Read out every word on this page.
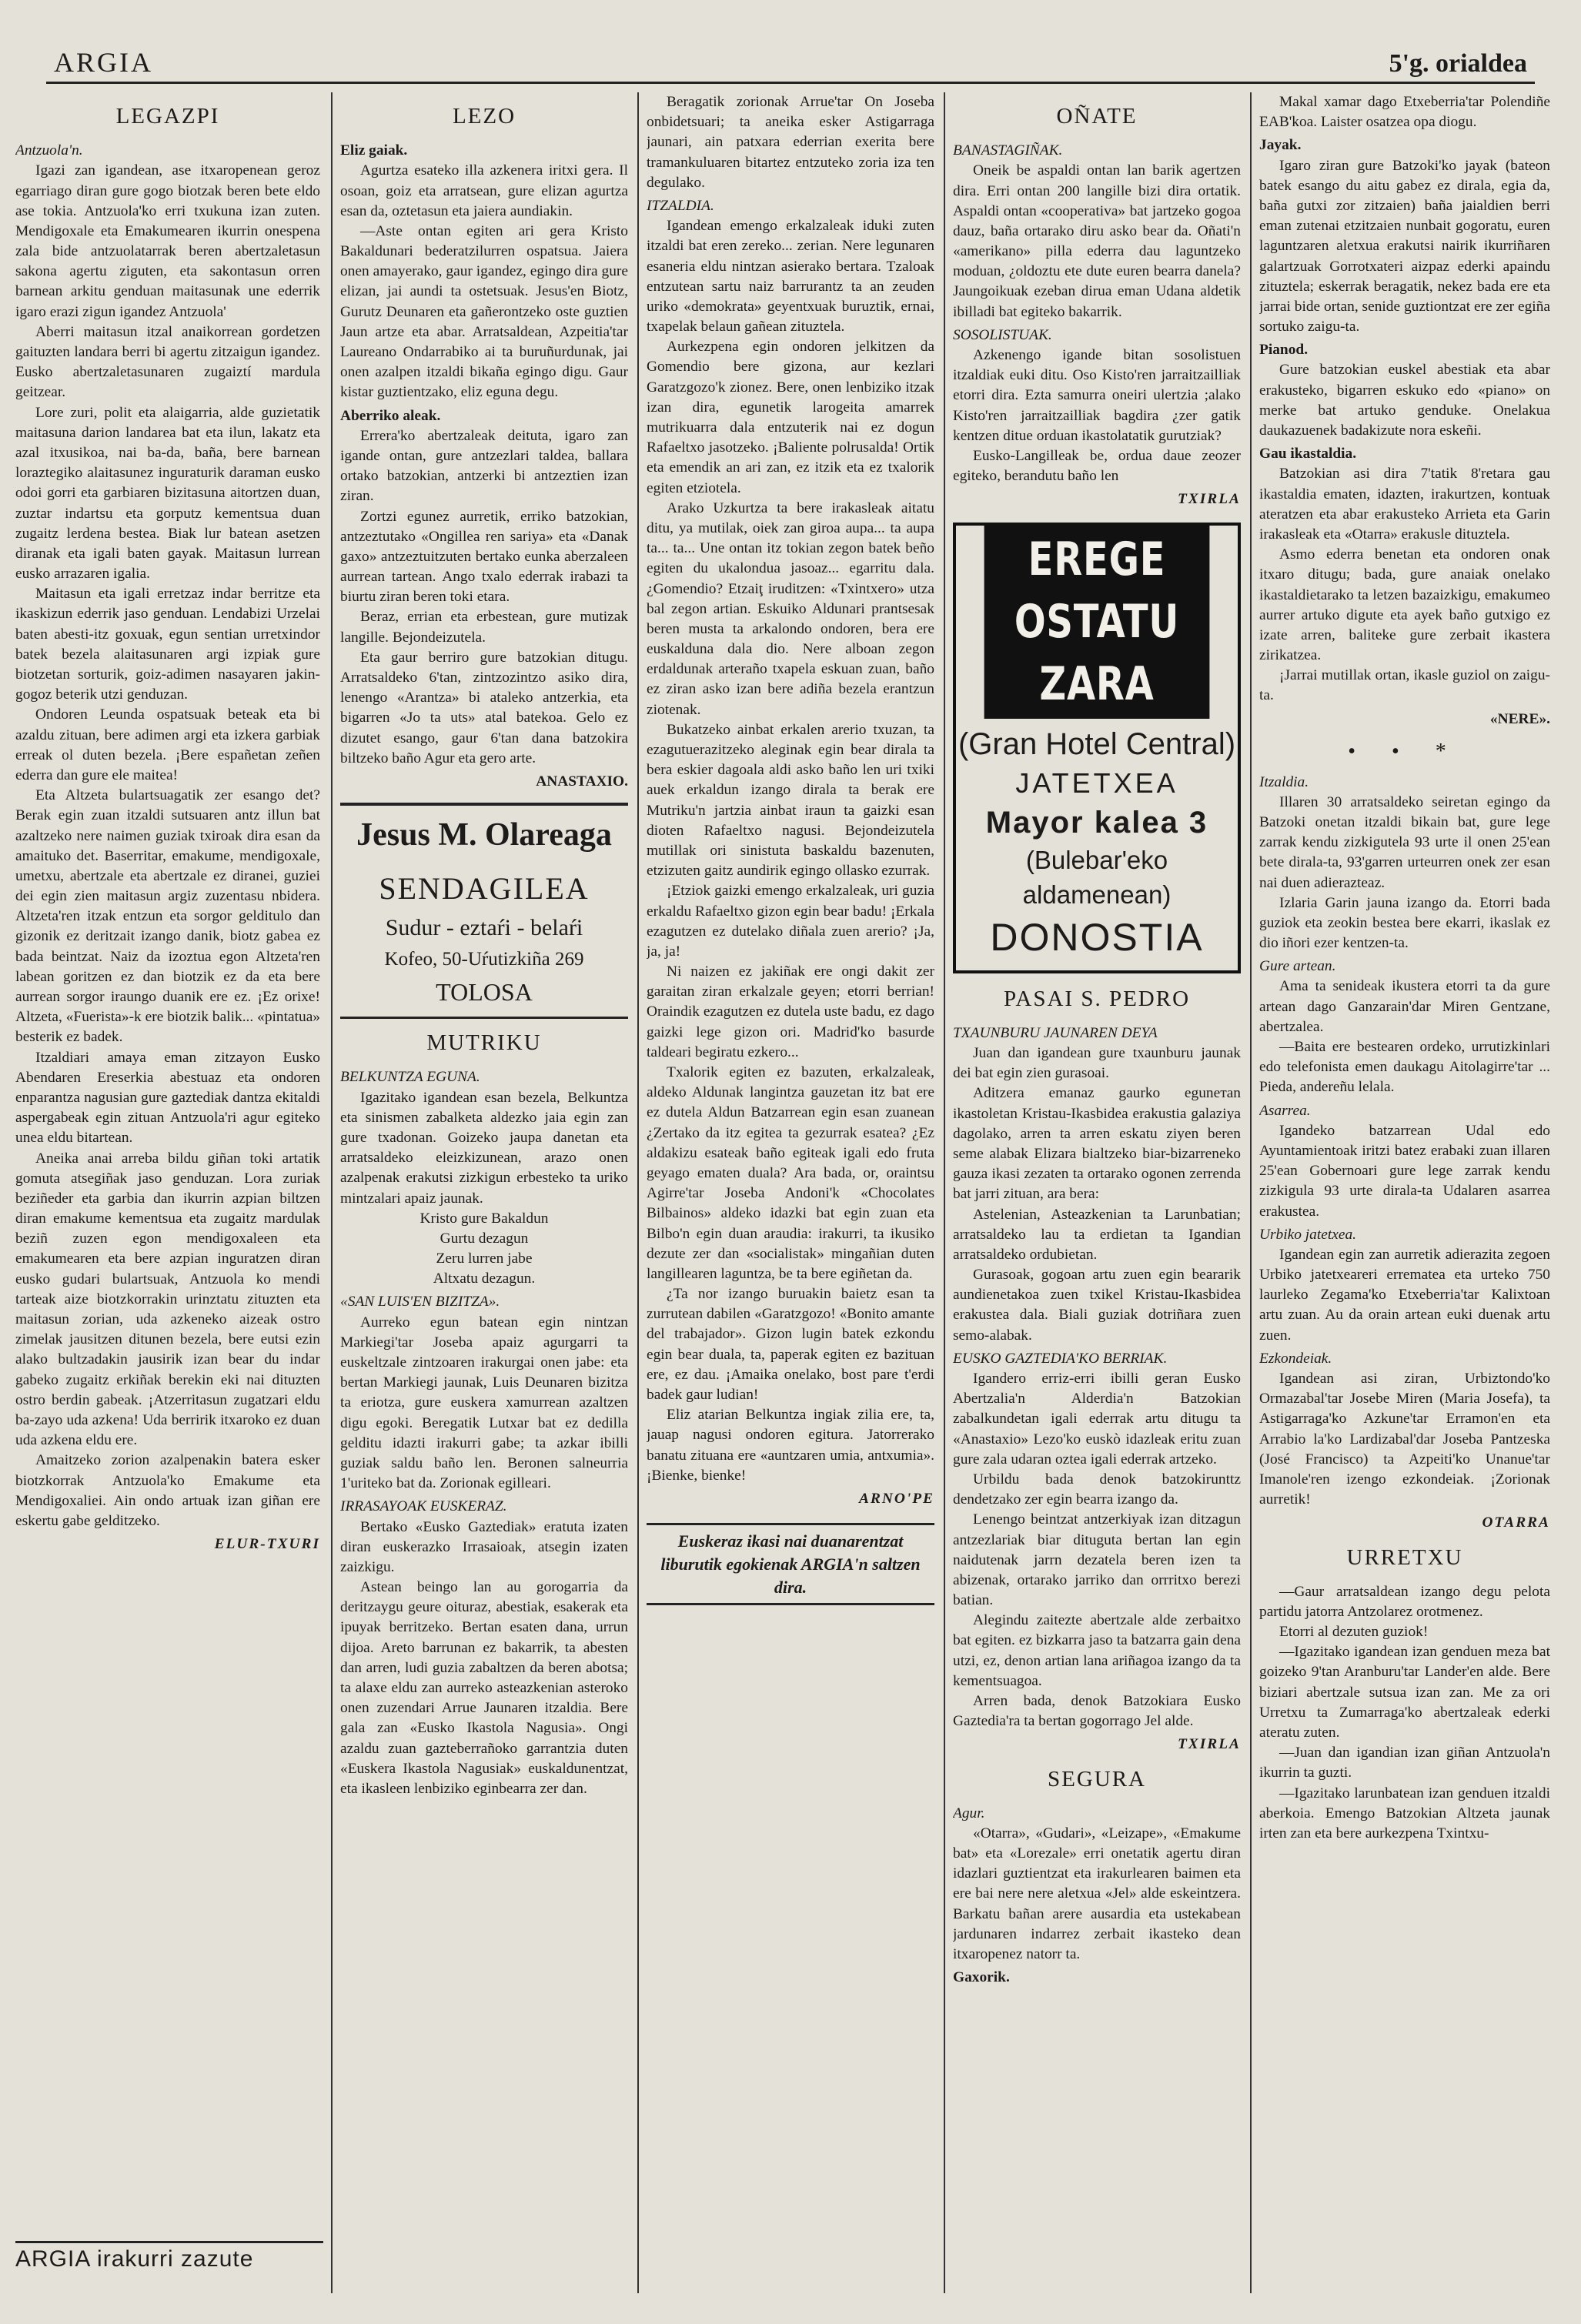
ARGIA	5'g. orialdea
LEGAZPI

Antzuola'n.

Igazi zan igandean, ase itxaropenean geroz egarriago diran gure gogo biotzak beren bete eldo ase tokia. Antzuola'ko erri txukuna izan zuten. Mendigoxale eta Emakumearen ikurrin onespena zala bide antzuolatarrak beren abertzaletasun sakona agertu ziguten, eta sakontasun orren barnean arkitu genduan maitasunak une ederrik igaro erazi zigun igandez Antzuola'

Aberri maitasun itzal anaikorrean gordetzen gaituzten landara berri bi agertu zitzaigun igandez. Eusko abertzaletasunaren zugaiztí mardula geitzear.

Lore zuri, polit eta alaigarria, alde guzietatik maitasuna darion landarea bat eta ilun, lakatz eta azal itxusikoa, nai ba-da, baña, bere barnean loraztegiko alaitasunez inguraturik daraman eusko odoi gorri eta garbiaren bizitasuna aitortzen duan, zuztar indartsu eta gorputz kementsua duan zugaitz lerdena bestea. Biak lur batean asetzen diranak eta igali baten gayak. Maitasun lurrean eusko arrazaren igalia.

Maitasun eta igali erretzaz indar berritze eta ikaskizun ederrik jaso genduan. Lendabizi Urzelai baten abesti-itz goxuak, egun sentian urretxindor batek bezela alaitasunaren argi izpiak gure biotzetan sorturik, goiz-adimen nasayaren jakin-gogoz beterik utzi genduzan.

Ondoren Leunda ospatsuak beteak eta bi azaldu zituan, bere adimen argi eta izkera garbiak erreak ol duten bezela. ¡Bere españetan zeñen ederra dan gure ele maitea!

Eta Altzeta bulartsuagatik zer esango det? Berak egin zuan itzaldi sutsuaren antz illun bat azaltzeko nere naimen guziak txiroak dira esan da amaituko det. Baserritar, emakume, mendigoxale, umetxu, abertzale eta abertzale ez diranei, guziei dei egin zien maitasun argiz zuzentasu nbidera. Altzeta'ren itzak entzun eta sorgor gelditulo dan gizonik ez deritzait izango danik, biotz gabea ez bada beintzat. Naiz da izoztua egon Altzeta'ren labean goritzen ez dan biotzik ez da eta bere aurrean sorgor iraungo duanik ere ez. ¡Ez orixe! Altzeta, «Fuerista»-k ere biotzik balik... «pintatua» besterik ez badek.

Itzaldiari amaya eman zitzayon Eusko Abendaren Ereserkia abestuaz eta ondoren enparantza nagusian gure gaztediak dantza ekitaldi aspergabeak egin zituan Antzuola'ri agur egiteko unea eldu bitartean.

Aneika anai arreba bildu giñan toki artatik gomuta atsegiñak jaso genduzan. Lora zuriak beziñeder eta garbia dan ikurrin azpian biltzen diran emakume kementsua eta zugaitz mardulak beziñ zuzen egon mendigoxaleen eta emakumearen eta bere azpian inguratzen diran eusko gudari bulartsuak, Antzuola ko mendi tarteak aize biotzkorrakin urinztatu zituzten eta maitasun zorian, uda azkeneko aizeak ostro zimelak jausitzen ditunen bezela, bere eutsi ezin alako bultzadakin jausirik izan bear du indar gabeko zugaitz erkiñak berekin eki nai dituzten ostro berdin gabeak. ¡Atzerritasun zugatzari eldu ba-zayo uda azkena! Uda berririk itxaroko ez duan uda azkena eldu ere.

Amaitzeko zorion azalpenakin batera esker biotzkorrak Antzuola'ko Emakume eta Mendigoxaliei. Ain ondo artuak izan giñan ere eskertu gabe gelditzeko.

ELUR-TXURI

ARGIA irakurri zazute
LEZO

Eliz gaiak.

Agurtza esateko illa azkenera iritxi gera. Il osoan, goiz eta arratsean, gure elizan agurtza esan da, oztetasun eta jaiera aundiakin.

—Aste ontan egiten ari gera Kristo Bakaldunari bederatzilurren ospatsua. Jaiera onen amayerako, gaur igandez, egingo dira gure elizan, jai aundi ta ostetsuak. Jesus'en Biotz, Gurutz Deunaren eta gañerontzeko oste guztien Jaun artze eta abar. Arratsaldean, Azpeitia'tar Laureano Ondarrabiko ai ta buruñurdunak, jai onen azalpen itzaldi bikaña egingo digu. Gaur kistar guztientzako, eliz eguna degu.

Aberriko aleak.

Errera'ko abertzaleak deituta, igaro zan igande ontan, gure antzezlari taldea, ballara ortako batzokian, antzerki bi antzeztien izan ziran.

Zortzi egunez aurretik, erriko batzokian, antzeztutako «Ongillea ren sariya» eta «Danak gaxo» antzeztuitzuten bertako eunka aberzaleen aurrean tartean. Ango txalo ederrak irabazi ta biurtu ziran beren toki etara.

Beraz, errian eta erbestean, gure mutizak langille. Bejondeizutela.

Eta gaur berriro gure batzokian ditugu. Arratsaldeko 6'tan, zintzozintzo asiko dira, lenengo «Arantza» bi ataleko antzerkia, eta bigarren «Jo ta uts» atal batekoa. Gelo ez dizutet esango, gaur 6'tan dana batzokira biltzeko baño Agur eta gero arte.

ANASTAXIO.

Jesus M. Olareaga
SENDAGILEA
Sudur - eztaŕi - belaŕi
Kofeo, 50-Uŕutizkiña 269
TOLOSA
MUTRIKU

BELKUNTZA EGUNA.

Igazitako igandean esan bezela, Belkuntza eta sinismen zabalketa aldezko jaia egin zan gure txadonan. Goizeko jaupa danetan eta arratsaldeko eleizkizunean, arazo onen azalpenak erakutsi zizkigun erbesteko ta uriko mintzalari apaiz jaunak.

Kristo gure Bakaldun

Gurtu dezagun

Zeru lurren jabe

Altxatu dezagun.

«SAN LUIS'EN BIZITZA».

Aurreko egun batean egin nintzan Markiegi'tar Joseba apaiz agurgarri ta euskeltzale zintzoaren irakurgai onen jabe: eta bertan Markiegi jaunak, Luis Deunaren bizitza ta eriotza, gure euskera xamurrean azaltzen digu egoki. Beregatik Lutxar bat ez dedilla gelditu idazti irakurri gabe; ta azkar ibilli guziak saldu baño len. Beronen salneurria 1'uriteko bat da. Zorionak egilleari.

IRRASAYOAK EUSKERAZ.

Bertako «Eusko Gaztediak» eratuta izaten diran euskerazko Irrasaioak, atsegin izaten zaizkigu.

Astean beingo lan au gorogarria da deritzaygu geure oituraz, abestiak, esakerak eta ipuyak berritzeko. Bertan esaten dana, urrun dijoa. Areto barrunan ez bakarrik, ta abesten dan arren, ludi guzia zabaltzen da beren abotsa; ta alaxe eldu zan aurreko asteazkenian asteroko onen zuzendari Arrue Jaunaren itzaldia. Bere gala zan «Eusko Ikastola Nagusia». Ongi azaldu zuan gazteberrañoko garrantzia duten «Euskera Ikastola Nagusiak» euskaldunentzat, eta ikasleen lenbiziko eginbearra zer dan.

Beragatik zorionak Arrue'tar On Joseba onbidetsuari; ta aneika esker Astigarraga jaunari, ain patxara ederrian exerita bere tramankuluaren bitartez entzuteko zoria iza ten degulako.

ITZALDIA.

Igandean emengo erkalzaleak iduki zuten itzaldi bat eren zereko... zerian. Nere legunaren esaneria eldu nintzan asierako bertara. Tzaloak entzutean sartu naiz barrurantz ta an zeuden uriko «demokrata» geyentxuak buruztik, ernai, txapelak belaun gañean zituztela.

Aurkezpena egin ondoren jelkitzen da Gomendio bere gizona, aur kezlari Garatzgozo'k zionez. Bere, onen lenbiziko itzak izan dira, egunetik larogeita amarrek mutrikuarra dala entzuterik nai ez dogun Rafaeltxo jasotzeko. ¡Baliente polrusalda! Ortik eta emendik an ari zan, ez itzik eta ez txalorik egiten etziotela.

Arako Uzkurtza ta bere irakasleak aitatu ditu, ya mutilak, oiek zan giroa aupa... ta aupa ta... ta... Une ontan itz tokian zegon batek beño egiten du ukalondua jasoaz... egarritu dala. ¿Gomendio? Etzaiţ iruditzen: «Txintxero» utza bal zegon artian. Eskuiko Aldunari prantsesak beren musta ta arkalondo ondoren, bera ere euskalduna dala dio. Nere alboan zegon erdaldunak arteraño txapela eskuan zuan, baño ez ziran asko izan bere adiña bezela erantzun ziotenak.

Bukatzeko ainbat erkalen arerio txuzan, ta ezagutuerazitzeko aleginak egin bear dirala ta bera eskier dagoala aldi asko baño len uri txiki auek erkaldun izango dirala ta berak ere Mutriku'n jartzia ainbat iraun ta gaizki esan dioten Rafaeltxo nagusi. Bejondeizutela mutillak ori sinistuta baskaldu bazenuten, etzizuten gaitz aundirik egingo ollasko ezurrak.

¡Etziok gaizki emengo erkalzaleak, uri guzia erkaldu Rafaeltxo gizon egin bear badu! ¡Erkala ezagutzen ez dutelako diñala zuen arerio? ¡Ja, ja, ja!

Ni naizen ez jakiñak ere ongi dakit zer garaitan ziran erkalzale geyen; etorri berrian! Oraindik ezagutzen ez dutela uste badu, ez dago gaizki lege gizon ori. Madrid'ko basurde taldeari begiratu ezkero...

Txalorik egiten ez bazuten, erkalzaleak, aldeko Aldunak langintza gauzetan itz bat ere ez dutela Aldun Batzarrean egin esan zuanean ¿Zertako da itz egitea ta gezurrak esatea? ¿Ez aldakizu esateak baño egiteak igali edo fruta geyago ematen duala? Ara bada, or, oraintsu Agirre'tar Joseba Andoni'k «Chocolates Bilbainos» aldeko idazki bat egin zuan eta Bilbo'n egin duan araudia: irakurri, ta ikusiko dezute zer dan «socialistak» mingañian duten langillearen laguntza, be ta bere egiñetan da.

¿Ta nor izango buruakin baietz esan ta zurrutean dabilen «Garatzgozo! «Bonito amante del trabajador». Gizon lugin batek ezkondu egin bear duala, ta, paperak egiten ez bazituan ere, ez dau. ¡Amaika onelako, bost pare t'erdi badek gaur ludian!

Eliz atarian Belkuntza ingiak zilia ere, ta, jauap nagusi ondoren egitura. Jatorrerako banatu zituana ere «auntzaren umia, antxumia». ¡Bienke, bienke!

ARNO'PE

Euskeraz ikasi nai duanarentzat liburutik egokienak ARGIA'n saltzen dira.
OÑATE

BANASTAGIÑAK.

Oneik be aspaldi ontan lan barik agertzen dira. Erri ontan 200 langille bizi dira ortatik. Aspaldi ontan «cooperativa» bat jartzeko gogoa dauz, baña ortarako diru asko bear da. Oñati'n «amerikano» pilla ederra dau laguntzeko moduan, ¿oldoztu ete dute euren bearra danela? Jaungoikuak ezeban dirua eman Udana aldetik ibilladi bat egiteko bakarrik.

SOSOLISTUAK.

Azkenengo igande bitan sosolistuen itzaldiak euki ditu. Oso Kisto'ren jarraitzailliak etorri dira. Ezta samurra oneiri ulertzia ;alako Kisto'ren jarraitzailliak bagdira ¿zer gatik kentzen ditue orduan ikastolatatik gurutziak?

Eusko-Langilleak be, ordua daue zeozer egiteko, berandutu baño len

TXIRLA

EREGE OSTATU ZARA
(Gran Hotel Central)
JATETXEA
Mayor kalea 3
(Bulebar'eko aldamenean)
DONOSTIA
PASAI S. PEDRO

TXAUNBURU JAUNAREN DEYA

Juan dan igandean gure txaunburu jaunak dei bat egin zien gurasoai.

Aditzera emanaz gaurko eguneтan ikastoletan Kristau-Ikasbidea erakustia galaziya dagolako, arren ta arren eskatu ziyen beren seme alabak Elizara bialtzeko biar-bizarreneko gauza ikasi zezaten ta ortarako ogonen zerrenda bat jarri zituan, ara bera:

Astelenian, Asteazkenian ta Larunbatian; arratsaldeko lau ta erdietan ta Igandian arratsaldeko ordubietan.

Gurasoak, gogoan artu zuen egin beararik aundienetakoa zuen txikel Kristau-Ikasbidea erakustea dala. Biali guziak dotriñara zuen semo-alabak.

EUSKO GAZTEDIA'KO BERRIAK.

Igandero erriz-erri ibilli geran Eusko Abertzalia'n Alderdia'n Batzokian zabalkundetan igali ederrak artu ditugu ta «Anastaxio» Lezo'ko euskò idazleak eritu zuan gure zala udaran oztea igali ederrak artzeko.

Urbildu bada denok batzokirunttz dendetzako zer egin bearra izango da.

Lenengo beintzat antzerkiyak izan ditzagun antzezlariak biar dituguta bertan lan egin naidutenak jarrn dezatela beren izen ta abizenak, ortarako jarriko dan orrritxo berezi batian.

Alegindu zaitezte abertzale alde zerbaitxo bat egiten. ez bizkarra jaso ta batzarra gain dena utzi, ez, denon artian lana ariñagoa izango da ta kementsuagoa.

Arren bada, denok Batzokiara Eusko Gaztedia'ra ta bertan gogorrago Jel alde.

TXIRLA

SEGURA

Agur.

«Otarra», «Gudari», «Leizape», «Emakume bat» eta «Lorezale» erri onetatik agertu diran idazlari guztientzat eta irakurlearen baimen eta ere bai nere nere aletxua «Jel» alde eskeintzera. Barkatu bañan arere ausardia eta ustekabean jardunaren indarrez zerbait ikasteko dean itxaropenez natorr ta.

Gaxorik.

Makal xamar dago Etxeberria'tar Polendiñe EAB'koa. Laister osatzea opa diogu.

Jayak.

Igaro ziran gure Batzoki'ko jayak (bateon batek esango du aitu gabez ez dirala, egia da, baña gutxi zor zitzaien) baña jaialdien berri eman zutenai etzitzaien nunbait gogoratu, euren laguntzaren aletxua erakutsi nairik ikurriñaren galartzuak Gorrotxateri aizpaz ederki apaindu zituztela; eskerrak beragatik, nekez bada ere eta jarrai bide ortan, senide guztiontzat ere zer egiña sortuko zaigu-ta.

Pianod.

Gure batzokian euskel abestiak eta abar erakusteko, bigarren eskuko edo «piano» on merke bat artuko genduke. Onelakua daukazuenek badakizute nora eskeñi.

Gau ikastaldia.

Batzokian asi dira 7'tatik 8'retara gau ikastaldia ematen, idazten, irakurtzen, kontuak ateratzen eta abar erakusteko Arrieta eta Garin irakasleak eta «Otarra» erakusle dituztela.

Asmo ederra benetan eta ondoren onak itxaro ditugu; bada, gure anaiak onelako ikastaldietarako ta letzen bazaizkigu, emakumeo aurrer artuko digute eta ayek baño gutxigo ez izate arren, baliteke gure zerbait ikastera zirikatzea.

¡Jarrai mutillak ortan, ikasle guziol on zaigu-ta.

«NERE».

• • *

Itzaldia.

Illaren 30 arratsaldeko seiretan egingo da Batzoki onetan itzaldi bikain bat, gure lege zarrak kendu zizkigutela 93 urte il onen 25'ean bete dirala-ta, 93'garren urteurren onek zer esan nai duen adierazteaz.

Izlaria Garin jauna izango da. Etorri bada guziok eta zeokin bestea bere ekarri, ikaslak ez dio iñori ezer kentzen-ta.

Gure artean.

Ama ta senideak ikustera etorri ta da gure artean dago Ganzarain'dar Miren Gentzane, abertzalea.

—Baita ere bestearen ordeko, urrutizkinlari edo telefonista emen daukagu Aitolagirre'tar ... Pieda, andereñu lelala.

Asarrea.

Igandeko batzarrean Udal edo Ayuntamientoak iritzi batez erabaki zuan illaren 25'ean Gobernoari gure lege zarrak kendu zizkigula 93 urte dirala-ta Udalaren asarrea erakustea.

Urbiko jatetxea.

Igandean egin zan aurretik adierazita zegoen Urbiko jatetxeareri errematea eta urteko 750 laurleko Zegama'ko Etxeberria'tar Kalixtoan artu zuan. Au da orain artean euki duenak artu zuen.

Ezkondeiak.

Igandean asi ziran, Urbiztondo'ko Ormazabal'tar Josebe Miren (Maria Josefa), ta Astigarraga'ko Azkune'tar Erramon'en eta Arrabio la'ko Lardizabal'dar Joseba Pantzeska (José Francisco) ta Azpeiti'ko Unanue'tar Imanole'ren izengo ezkondeiak. ¡Zorionak aurretik!

OTARRA

URRETXU

—Gaur arratsaldean izango degu pelota partidu jatorra Antzolarez orotmenez.

Etorri al dezuten guziok!

—Igazitako igandean izan genduen meza bat goizeko 9'tan Aranburu'tar Lander'en alde. Bere biziari abertzale sutsua izan zan. Me za ori Urretxu ta Zumarraga'ko abertzaleak ederki ateratu zuten.

—Juan dan igandian izan giñan Antzuola'n ikurrin ta guzti.

—Igazitako larunbatean izan genduen itzaldi aberkoia. Emengo Batzokian Altzeta jaunak irten zan eta bere aurkezpena Txintxu-
